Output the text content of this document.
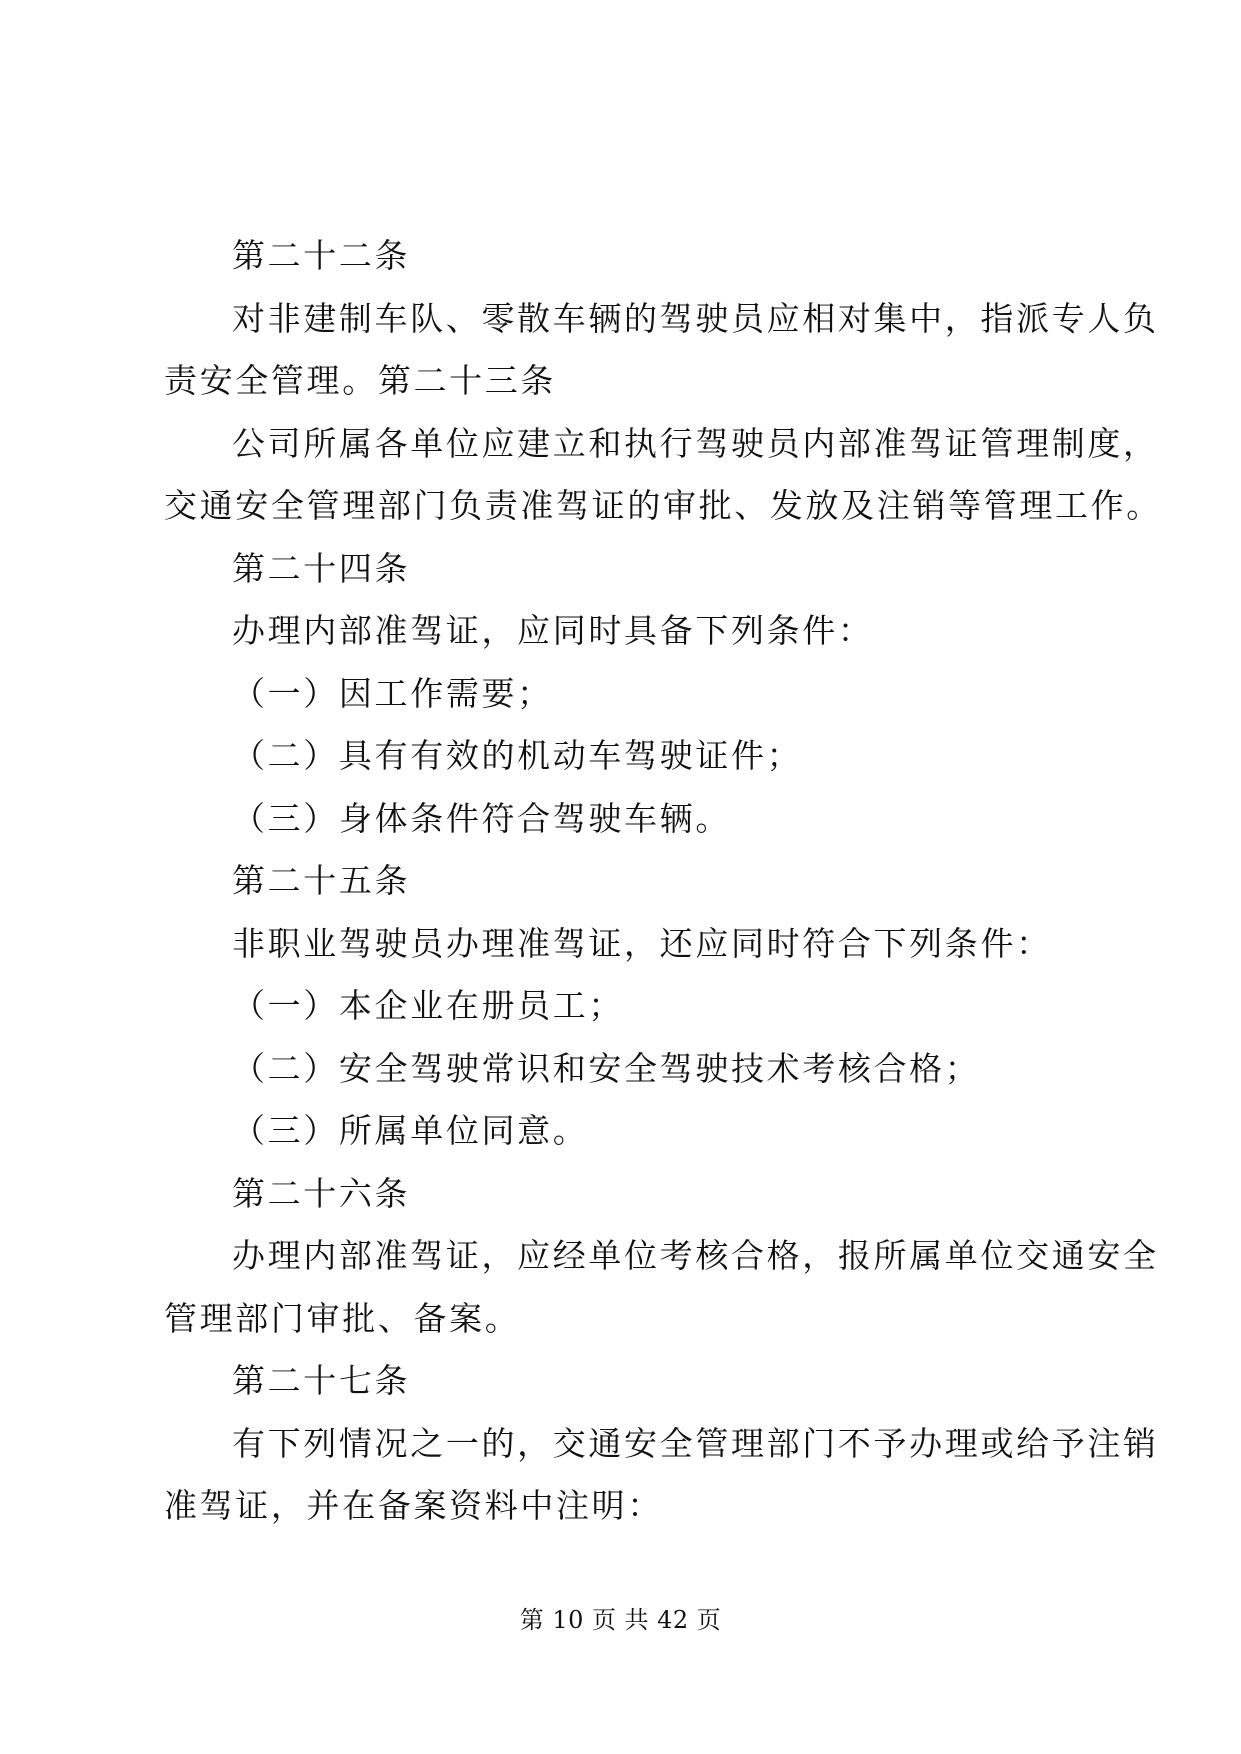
第二十二条
对非建制车队、零散车辆的驾驶员应相对集中，指派专人负
责安全管理。第二十三条
公司所属各单位应建立和执行驾驶员内部准驾证管理制度，
交通安全管理部门负责准驾证的审批、发放及注销等管理工作。
第二十四条
办理内部准驾证，应同时具备下列条件：
（一）因工作需要；
（二）具有有效的机动车驾驶证件；
（三）身体条件符合驾驶车辆。
第二十五条
非职业驾驶员办理准驾证，还应同时符合下列条件：
（一）本企业在册员工；
（二）安全驾驶常识和安全驾驶技术考核合格；
（三）所属单位同意。
第二十六条
办理内部准驾证，应经单位考核合格，报所属单位交通安全
管理部门审批、备案。
第二十七条
有下列情况之一的，交通安全管理部门不予办理或给予注销
准驾证，并在备案资料中注明：
第 10 页 共 42 页
